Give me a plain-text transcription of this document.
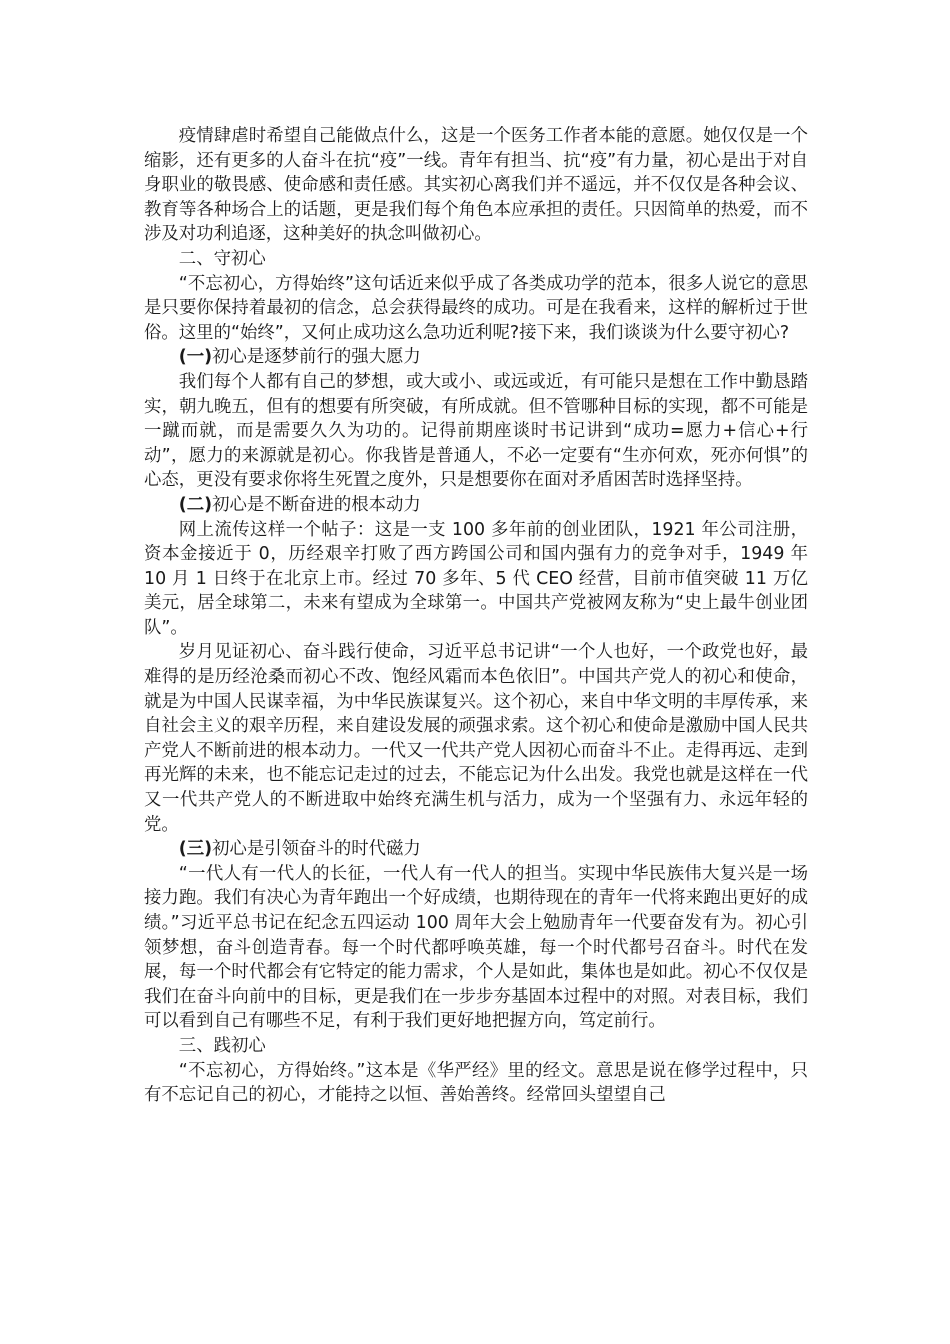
疫情肆虐时希望自己能做点什么，这是一个医务工作者本能的意愿。她仅仅是一个缩影，还有更多的人奋斗在抗“疫”一线。青年有担当、抗“疫”有力量，初心是出于对自身职业的敬畏感、使命感和责任感。其实初心离我们并不遥远，并不仅仅是各种会议、教育等各种场合上的话题，更是我们每个角色本应承担的责任。只因简单的热爱，而不涉及对功利追逐，这种美好的执念叫做初心。

二、守初心

“不忘初心，方得始终”这句话近来似乎成了各类成功学的范本，很多人说它的意思是只要你保持着最初的信念，总会获得最终的成功。可是在我看来，这样的解析过于世俗。这里的“始终”，又何止成功这么急功近利呢?接下来，我们谈谈为什么要守初心?

(一)初心是逐梦前行的强大愿力

我们每个人都有自己的梦想，或大或小、或远或近，有可能只是想在工作中勤恳踏实，朝九晚五，但有的想要有所突破，有所成就。但不管哪种目标的实现，都不可能是一蹴而就，而是需要久久为功的。记得前期座谈时书记讲到“成功=愿力+信心+行动”，愿力的来源就是初心。你我皆是普通人，不必一定要有“生亦何欢，死亦何惧”的心态，更没有要求你将生死置之度外，只是想要你在面对矛盾困苦时选择坚持。

(二)初心是不断奋进的根本动力

网上流传这样一个帖子：这是一支 100 多年前的创业团队，1921 年公司注册，资本金接近于 0，历经艰辛打败了西方跨国公司和国内强有力的竞争对手，1949 年 10 月 1 日终于在北京上市。经过 70 多年、5 代 CEO 经营，目前市值突破 11 万亿美元，居全球第二，未来有望成为全球第一。中国共产党被网友称为“史上最牛创业团队”。

岁月见证初心、奋斗践行使命，习近平总书记讲“一个人也好，一个政党也好，最难得的是历经沧桑而初心不改、饱经风霜而本色依旧”。中国共产党人的初心和使命，就是为中国人民谋幸福，为中华民族谋复兴。这个初心，来自中华文明的丰厚传承，来自社会主义的艰辛历程，来自建设发展的顽强求索。这个初心和使命是激励中国人民共产党人不断前进的根本动力。一代又一代共产党人因初心而奋斗不止。走得再远、走到再光辉的未来，也不能忘记走过的过去，不能忘记为什么出发。我党也就是这样在一代又一代共产党人的不断进取中始终充满生机与活力，成为一个坚强有力、永远年轻的党。

(三)初心是引领奋斗的时代磁力

“一代人有一代人的长征，一代人有一代人的担当。实现中华民族伟大复兴是一场接力跑。我们有决心为青年跑出一个好成绩，也期待现在的青年一代将来跑出更好的成绩。”习近平总书记在纪念五四运动 100 周年大会上勉励青年一代要奋发有为。初心引领梦想，奋斗创造青春。每一个时代都呼唤英雄，每一个时代都号召奋斗。时代在发展，每一个时代都会有它特定的能力需求，个人是如此，集体也是如此。初心不仅仅是我们在奋斗向前中的目标，更是我们在一步步夯基固本过程中的对照。对表目标，我们可以看到自己有哪些不足，有利于我们更好地把握方向，笃定前行。

三、践初心

“不忘初心，方得始终。”这本是《华严经》里的经文。意思是说在修学过程中，只有不忘记自己的初心，才能持之以恒、善始善终。经常回头望望自己
